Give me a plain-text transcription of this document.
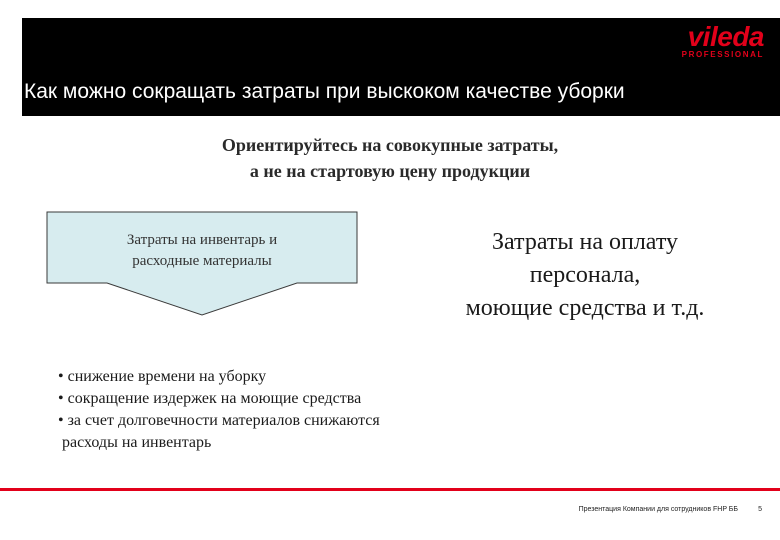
Как можно сокращать затраты при выскоком качестве уборки
vileda
PROFESSIONAL
Ориентируйтесь на совокупные затраты,
а не на стартовую цену продукции
Затраты на инвентарь и
расходные материалы
Затраты на оплату
персонала,
моющие средства и т.д.
• снижение времени на уборку
• сокращение издержек на моющие средства
• за счет долговечности материалов снижаются
расходы на инвентарь
Презентация Компании для сотрудников FHP ББ	5
